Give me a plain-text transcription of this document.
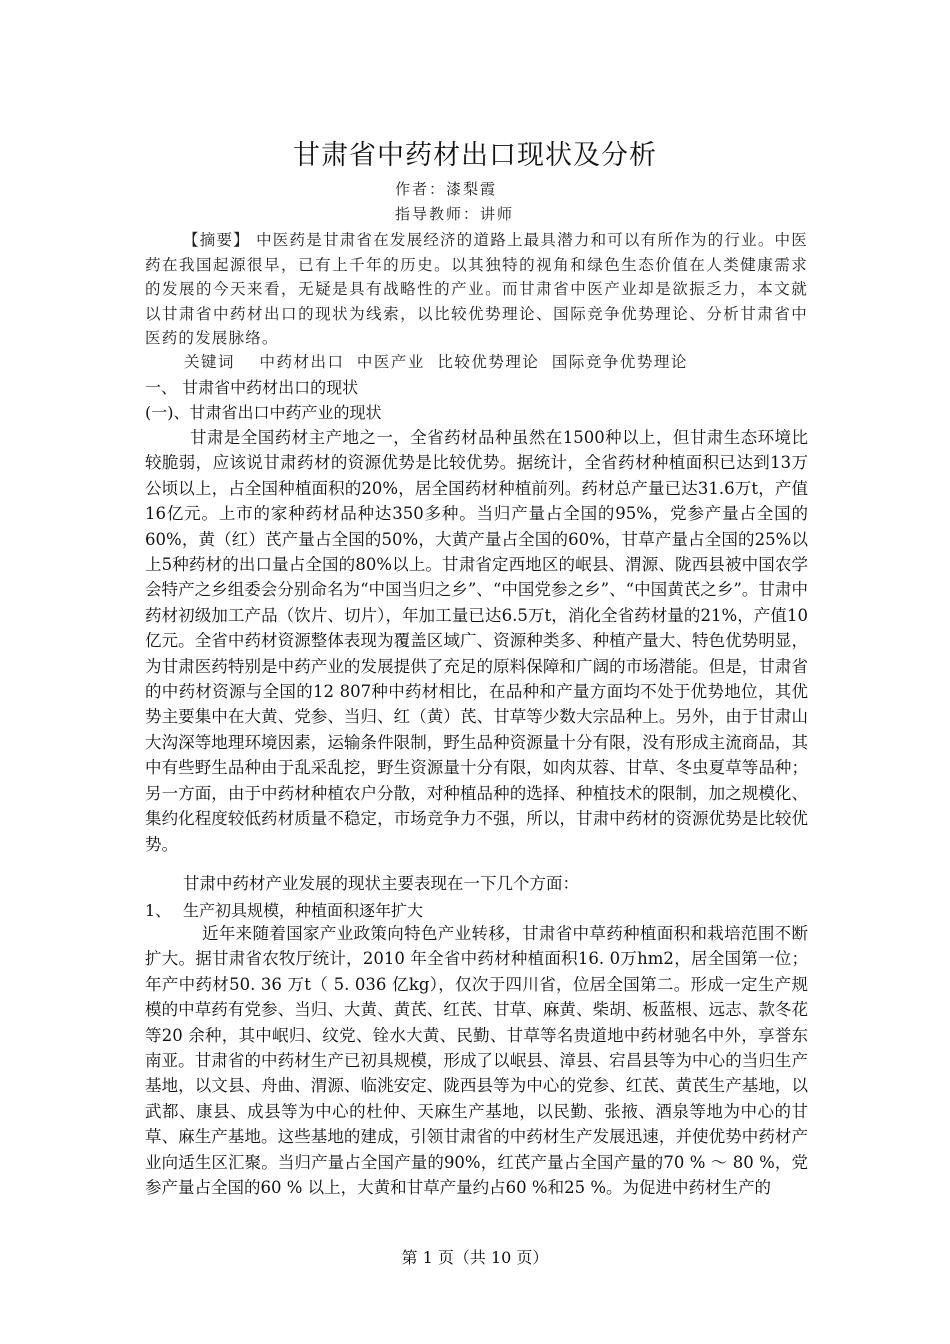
甘肃省中药材出口现状及分析
作者：漆梨霞
指导教师：讲师
【摘要】 中医药是甘肃省在发展经济的道路上最具潜力和可以有所作为的行业。中医药在我国起源很早，已有上千年的历史。以其独特的视角和绿色生态价值在人类健康需求的发展的今天来看，无疑是具有战略性的产业。而甘肃省中医产业却是欲振乏力，本文就以甘肃省中药材出口的现状为线索，以比较优势理论、国际竞争优势理论、分析甘肃省中医药的发展脉络。
关键词 中药材出口 中医产业 比较优势理论 国际竞争优势理论
一、 甘肃省中药材出口的现状
(一)、甘肃省出口中药产业的现状
甘肃是全国药材主产地之一，全省药材品种虽然在1500种以上，但甘肃生态环境比较脆弱，应该说甘肃药材的资源优势是比较优势。据统计，全省药材种植面积已达到13万公顷以上，占全国种植面积的20%，居全国药材种植前列。药材总产量已达31.6万t，产值16亿元。上市的家种药材品种达350多种。当归产量占全国的95%，党参产量占全国的60%，黄（红）芪产量占全国的50%，大黄产量占全国的60%，甘草产量占全国的25%以上5种药材的出口量占全国的80%以上。甘肃省定西地区的岷县、渭源、陇西县被中国农学会特产之乡组委会分别命名为“中国当归之乡”、“中国党参之乡”、“中国黄芪之乡”。甘肃中药材初级加工产品（饮片、切片），年加工量已达6.5万t，消化全省药材量的21%，产值10亿元。全省中药材资源整体表现为覆盖区域广、资源种类多、种植产量大、特色优势明显，为甘肃医药特别是中药产业的发展提供了充足的原料保障和广阔的市场潜能。但是，甘肃省的中药材资源与全国的12 807种中药材相比，在品种和产量方面均不处于优势地位，其优势主要集中在大黄、党参、当归、红（黄）芪、甘草等少数大宗品种上。另外，由于甘肃山大沟深等地理环境因素，运输条件限制，野生品种资源量十分有限，没有形成主流商品，其中有些野生品种由于乱采乱挖，野生资源量十分有限，如肉苁蓉、甘草、冬虫夏草等品种；另一方面，由于中药材种植农户分散，对种植品种的选择、种植技术的限制，加之规模化、集约化程度较低药材质量不稳定，市场竞争力不强，所以，甘肃中药材的资源优势是比较优势。
甘肃中药材产业发展的现状主要表现在一下几个方面：
1、 生产初具规模，种植面积逐年扩大
近年来随着国家产业政策向特色产业转移，甘肃省中草药种植面积和栽培范围不断扩大。据甘肃省农牧厅统计，2010 年全省中药材种植面积16. 0万hm2，居全国第一位；年产中药材50. 36 万t（ 5. 036 亿kg），仅次于四川省，位居全国第二。形成一定生产规模的中草药有党参、当归、大黄、黄芪、红芪、甘草、麻黄、柴胡、板蓝根、远志、款冬花等20 余种，其中岷归、纹党、铨水大黄、民勤、甘草等名贵道地中药材驰名中外，享誉东南亚。甘肃省的中药材生产已初具规模，形成了以岷县、漳县、宕昌县等为中心的当归生产基地，以文县、舟曲、渭源、临洮安定、陇西县等为中心的党参、红芪、黄芪生产基地，以武都、康县、成县等为中心的杜仲、天麻生产基地，以民勤、张掖、酒泉等地为中心的甘草、麻生产基地。这些基地的建成，引领甘肃省的中药材生产发展迅速，并使优势中药材产业向适生区汇聚。当归产量占全国产量的90%，红芪产量占全国产量的70 % ～ 80 %，党参产量占全国的60 % 以上，大黄和甘草产量约占60 %和25 %。为促进中药材生产的
第 1 页（共 10 页）
